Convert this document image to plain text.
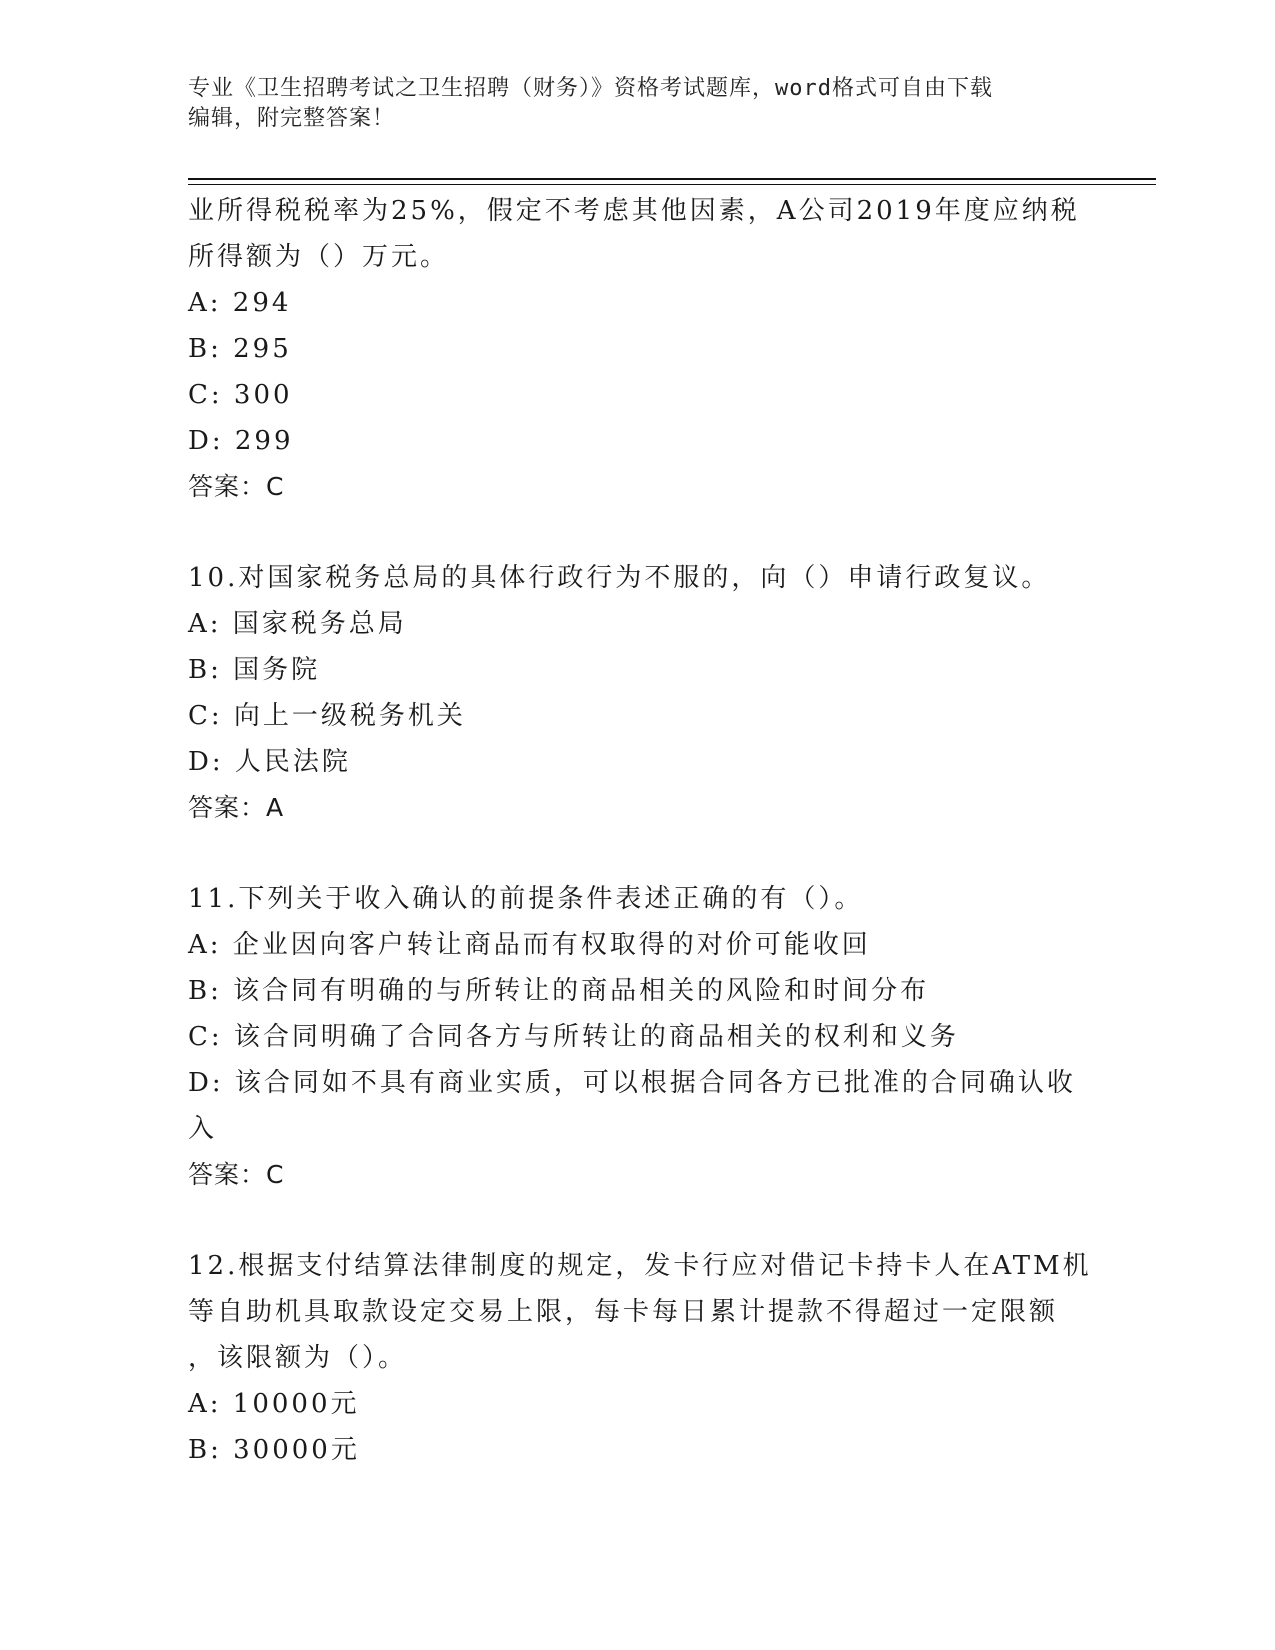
专业《卫生招聘考试之卫生招聘（财务）》资格考试题库，word格式可自由下载
编辑，附完整答案！
业所得税税率为25%，假定不考虑其他因素，A公司2019年度应纳税
所得额为（）万元。
A: 294
B: 295
C: 300
D: 299
答案：C
10.对国家税务总局的具体行政行为不服的，向（）申请行政复议。
A: 国家税务总局
B: 国务院
C: 向上一级税务机关
D: 人民法院
答案：A
11.下列关于收入确认的前提条件表述正确的有（）。
A: 企业因向客户转让商品而有权取得的对价可能收回
B: 该合同有明确的与所转让的商品相关的风险和时间分布
C: 该合同明确了合同各方与所转让的商品相关的权利和义务
D: 该合同如不具有商业实质，可以根据合同各方已批准的合同确认收
入
答案：C
12.根据支付结算法律制度的规定，发卡行应对借记卡持卡人在ATM机
等自助机具取款设定交易上限，每卡每日累计提款不得超过一定限额
，该限额为（）。
A: 10000元
B: 30000元
